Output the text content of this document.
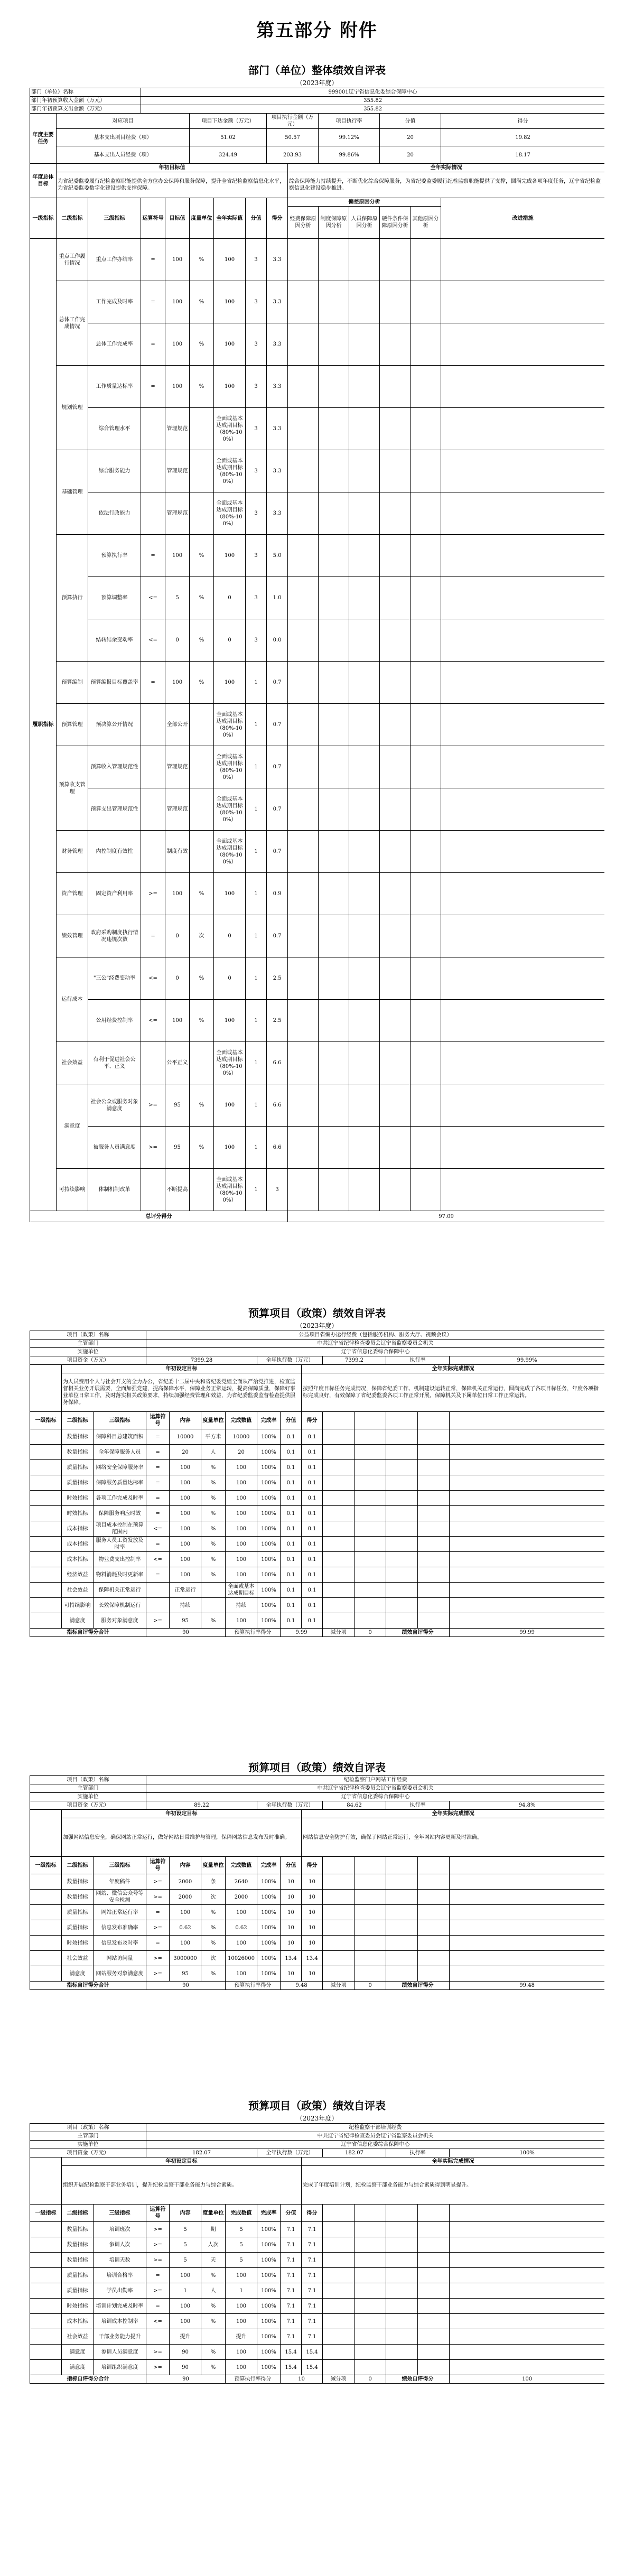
第五部分 附件
部门（单位）整体绩效自评表
（2023年度）
部门（单位）名称			999001辽宁省信息化委综合保障中心											
部门年初预算收入金额（万元）			355.82											
部门年初预算支出金额（万元）			355.82											
年度主要任务	对应项目				项目下达金额（万元）			项目执行金额（万元）		项目执行率		分值		得分
	基本支出项目经费（项）				51.02			50.57		99.12%		20		19.82
	基本支出人员经费（项）				324.49			203.93		99.86%		20		18.17
年度总体目标	年初目标值								全年实际情况					
	为省纪委监委履行纪检监察职能提供全方位办公保障和服务保障，提升全省纪检监察信息化水平，为省纪委监委数字化建设提供支撑保障。								综合保障能力持续提升，不断优化综合保障服务，为省纪委监委履行纪检监察职能提供了支撑，圆满完成各项年度任务，辽宁省纪检监察信息化建设稳步推进。					
一级指标	二级指标	三级指标	运算符号	目标值	度量单位	全年实际值	分值	得分	偏差原因分析					改进措施
									经费保障原因分析	制度保障原因分析	人员保障原因分析	硬件条件保障原因分析	其他原因分析	
履职指标	重点工作履行情况	重点工作办结率	=	100	%	100	3	3.3						
	总体工作完成情况	工作完成及时率	=	100	%	100	3	3.3						
		总体工作完成率	=	100	%	100	3	3.3						
	规划管理	工作质量达标率	=	100	%	100	3	3.3						
		综合管理水平		管理规范		全面或基本达成期目标（80%-100%）	3	3.3						
	基础管理	综合服务能力		管理规范		全面或基本达成期目标（80%-100%）	3	3.3						
		依法行政能力		管理规范		全面或基本达成期目标（80%-100%）	3	3.3						
	预算执行	预算执行率	=	100	%	100	3	5.0						
		预算调整率	<=	5	%	0	3	1.0						
		结转结余变动率	<=	0	%	0	3	0.0						
	预算编制	预算编报目标覆盖率	=	100	%	100	1	0.7						
	预算管理	预决算公开情况		全部公开		全面或基本达成期目标（80%-100%）	1	0.7						
	预算收支管理	预算收入管理规范性		管理规范		全面或基本达成期目标（80%-100%）	1	0.7						
		预算支出管理规范性		管理规范		全面或基本达成期目标（80%-100%）	1	0.7						
	财务管理	内控制度有效性		制度有效		全面或基本达成期目标（80%-100%）	1	0.7						
	资产管理	固定资产利用率	>=	100	%	100	1	0.9						
	绩效管理	政府采购制度执行情况违规次数	=	0	次	0	1	0.7						
	运行成本	"三公"经费变动率	<=	0	%	0	1	2.5						
		公用经费控制率	<=	100	%	100	1	2.5						
	社会效益	有利于促进社会公平、正义		公平正义		全面或基本达成期目标（80%-100%）	1	6.6						
	满意度	社会公众或服务对象满意度	>=	95	%	100	1	6.6						
		被服务人员满意度	>=	95	%	100	1	6.6						
	可持续影响	体制机制改革		不断提高		全面或基本达成期目标（80%-100%）	1	3						
总评分得分									97.09					
预算项目（政策）绩效自评表
（2023年度）
项目（政策）名称			公益项目省编办运行经费（包括服务机构、服务大厅、视频会议）											
主管部门			中共辽宁省纪律检查委员会辽宁省监察委员会机关											
实施单位			辽宁省信息化委综合保障中心											
项目资金（万元）			7399.28				全年执行数（万元）			7399.2		执行率		99.99%
	年初设定目标								全年实际完成情况					
	为人员费用个人与社会开支的全力办公，省纪委十二届中央和省纪委党组全面从严治党推进，检查监督相关业务开展需要，全面加强党建，提高保障水平，保障业务正常运转，提高保障质量，保障好事业单位日常工作，及时落实相关政策要求，持续加强经费管理和效益，为省纪委监委监督检查提供服务保障。								按照年度目标任务完成情况，保障省纪委工作、机制建设运转正常，保障机关正常运行，圆满完成了各项目标任务，年度各项指标完成良好，有效保障了省纪委监委各项工作正常开展，保障机关及下属单位日常工作正常运转。					
一级指标	二级指标	三级指标	运算符号	内容	度量单位	完成数值	完成率	分值	得分					
	数量指标	保障科目总建筑面积	=	10000	平方米	10000	100%	0.1	0.1					
	数量指标	全年保障服务人员	=	20	人	20	100%	0.1	0.1					
	质量指标	网络安全保障服务率	=	100	%	100	100%	0.1	0.1					
	质量指标	保障服务质量达标率	=	100	%	100	100%	0.1	0.1					
	时效指标	各项工作完成及时率	=	100	%	100	100%	0.1	0.1					
	时效指标	保障服务响应时效	=	100	%	100	100%	0.1	0.1					
	成本指标	项目成本控制在预算范围内	<=	100	%	100	100%	0.1	0.1					
	成本指标	服务人员工资发放及时率	=	100	%	100	100%	0.1	0.1					
	成本指标	物业费支出控制率	<=	100	%	100	100%	0.1	0.1					
	经济效益	物料消耗及时更新率	=	100	%	100	100%	0.1	0.1					
	社会效益	保障机关正常运行		正常运行		全面或基本达成期目标	100%	0.1	0.1					
	可持续影响	长效保障机制运行		持续		持续	100%	0.1	0.1					
	满意度	服务对象满意度	>=	95	%	100	100%	0.1	0.1					
指标自评得分合计			90			预算执行率得分		9.99		减分项	0	绩效自评得分		99.99
预算项目（政策）绩效自评表
项目（政策）名称			纪检监察门户网站工作经费											
主管部门			中共辽宁省纪律检查委员会辽宁省监察委员会机关											
实施单位			辽宁省信息化委综合保障中心											
项目资金（万元）			89.22				全年执行数（万元）			84.62		执行率		94.8%
	年初设定目标								全年实际完成情况					
	加强网站信息安全，确保网站正常运行，做好网站日常维护与管理，保障网站信息发布及时准确。								网站信息安全防护有效，确保了网站正常运行，全年网站内容更新及时准确。					
一级指标	二级指标	三级指标	运算符号	内容	度量单位	完成数值	完成率	分值	得分					
	数量指标	年度稿件	>=	2000	条	2640	100%	10	10					
	数量指标	网站、微信公众号等安全检测	>=	2000	次	2000	100%	10	10					
	质量指标	网站正常运行率	=	100	%	100	100%	10	10					
	质量指标	信息发布准确率	>=	0.62	%	0.62	100%	10	10					
	时效指标	信息发布及时率	=	100	%	100	100%	10	10					
	社会效益	网站访问量	>=	3000000	次	10026000	100%	13.4	13.4					
	满意度	网站服务对象满意度	>=	95	%	100	100%	10	10					
指标自评得分合计			90			预算执行率得分		9.48		减分项	0	绩效自评得分		99.48
预算项目（政策）绩效自评表
（2023年度）
项目（政策）名称			纪检监察干部培训经费											
主管部门			中共辽宁省纪律检查委员会辽宁省监察委员会机关											
实施单位			辽宁省信息化委综合保障中心											
项目资金（万元）			182.07				全年执行数（万元）			182.07		执行率		100%
	年初设定目标								全年实际完成情况					
	组织开展纪检监察干部业务培训，提升纪检监察干部业务能力与综合素质。								完成了年度培训计划，纪检监察干部业务能力与综合素质得到明显提升。					
一级指标	二级指标	三级指标	运算符号	内容	度量单位	完成数值	完成率	分值	得分					
	数量指标	培训班次	>=	5	期	5	100%	7.1	7.1					
	数量指标	参训人次	>=	5	人次	5	100%	7.1	7.1					
	数量指标	培训天数	>=	5	天	5	100%	7.1	7.1					
	质量指标	培训合格率	=	100	%	100	100%	7.1	7.1					
	质量指标	学员出勤率	>=	1	人	1	100%	7.1	7.1					
	时效指标	培训计划完成及时率	=	100	%	100	100%	7.1	7.1					
	成本指标	培训成本控制率	<=	100	%	100	100%	7.1	7.1					
	社会效益	干部业务能力提升		提升		提升	100%	7.1	7.1					
	满意度	参训人员满意度	>=	90	%	100	100%	15.4	15.4					
	满意度	培训组织满意度	>=	90	%	100	100%	15.4	15.4					
指标自评得分合计			90			预算执行率得分		10		减分项	0	绩效自评得分		100
